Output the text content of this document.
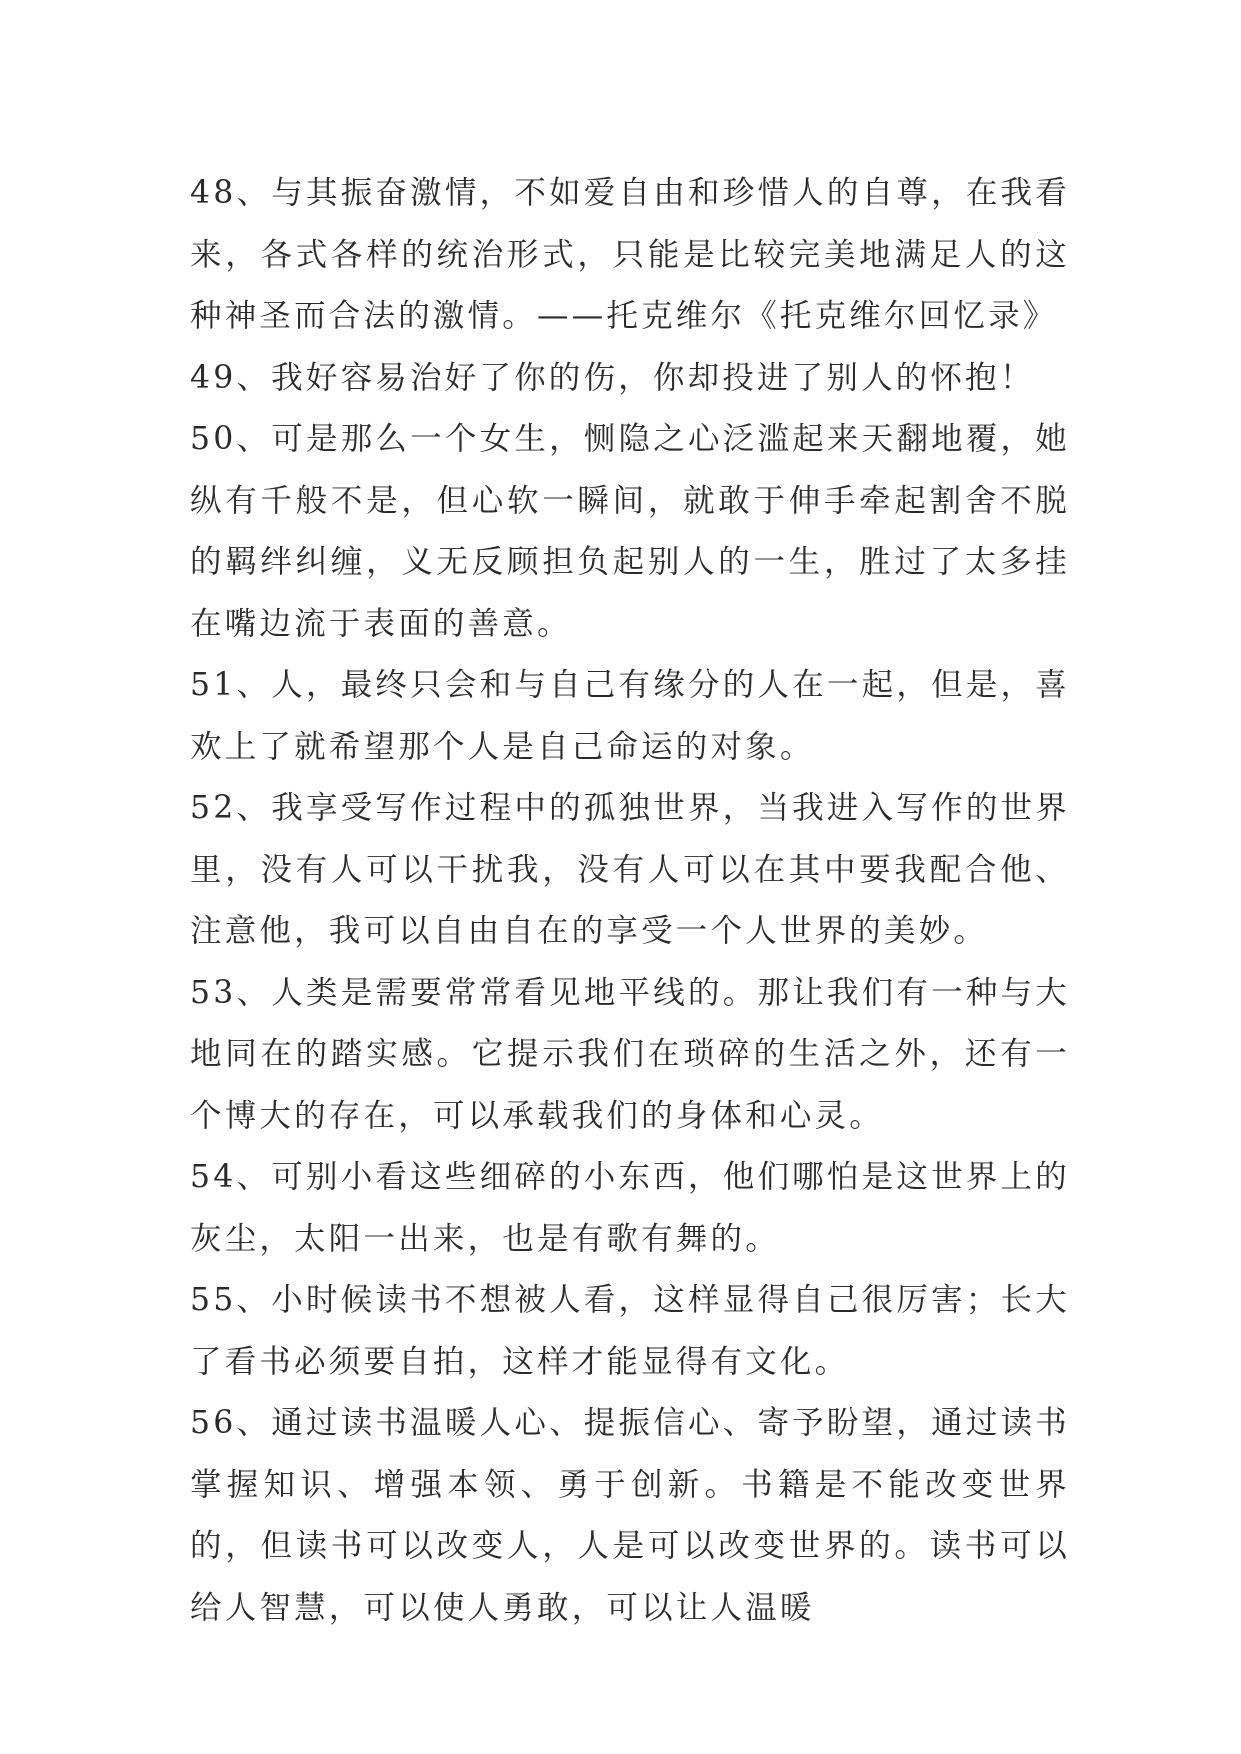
48、与其振奋激情，不如爱自由和珍惜人的自尊，在我看来，各式各样的统治形式，只能是比较完美地满足人的这种神圣而合法的激情。——托克维尔《托克维尔回忆录》

49、我好容易治好了你的伤，你却投进了别人的怀抱！

50、可是那么一个女生，恻隐之心泛滥起来天翻地覆，她纵有千般不是，但心软一瞬间，就敢于伸手牵起割舍不脱的羁绊纠缠，义无反顾担负起别人的一生，胜过了太多挂在嘴边流于表面的善意。

51、人，最终只会和与自己有缘分的人在一起，但是，喜欢上了就希望那个人是自己命运的对象。

52、我享受写作过程中的孤独世界，当我进入写作的世界里，没有人可以干扰我，没有人可以在其中要我配合他、注意他，我可以自由自在的享受一个人世界的美妙。

53、人类是需要常常看见地平线的。那让我们有一种与大地同在的踏实感。它提示我们在琐碎的生活之外，还有一个博大的存在，可以承载我们的身体和心灵。

54、可别小看这些细碎的小东西，他们哪怕是这世界上的灰尘，太阳一出来，也是有歌有舞的。

55、小时候读书不想被人看，这样显得自己很厉害；长大了看书必须要自拍，这样才能显得有文化。

56、通过读书温暖人心、提振信心、寄予盼望，通过读书掌握知识、增强本领、勇于创新。书籍是不能改变世界的，但读书可以改变人，人是可以改变世界的。读书可以给人智慧，可以使人勇敢，可以让人温暖
